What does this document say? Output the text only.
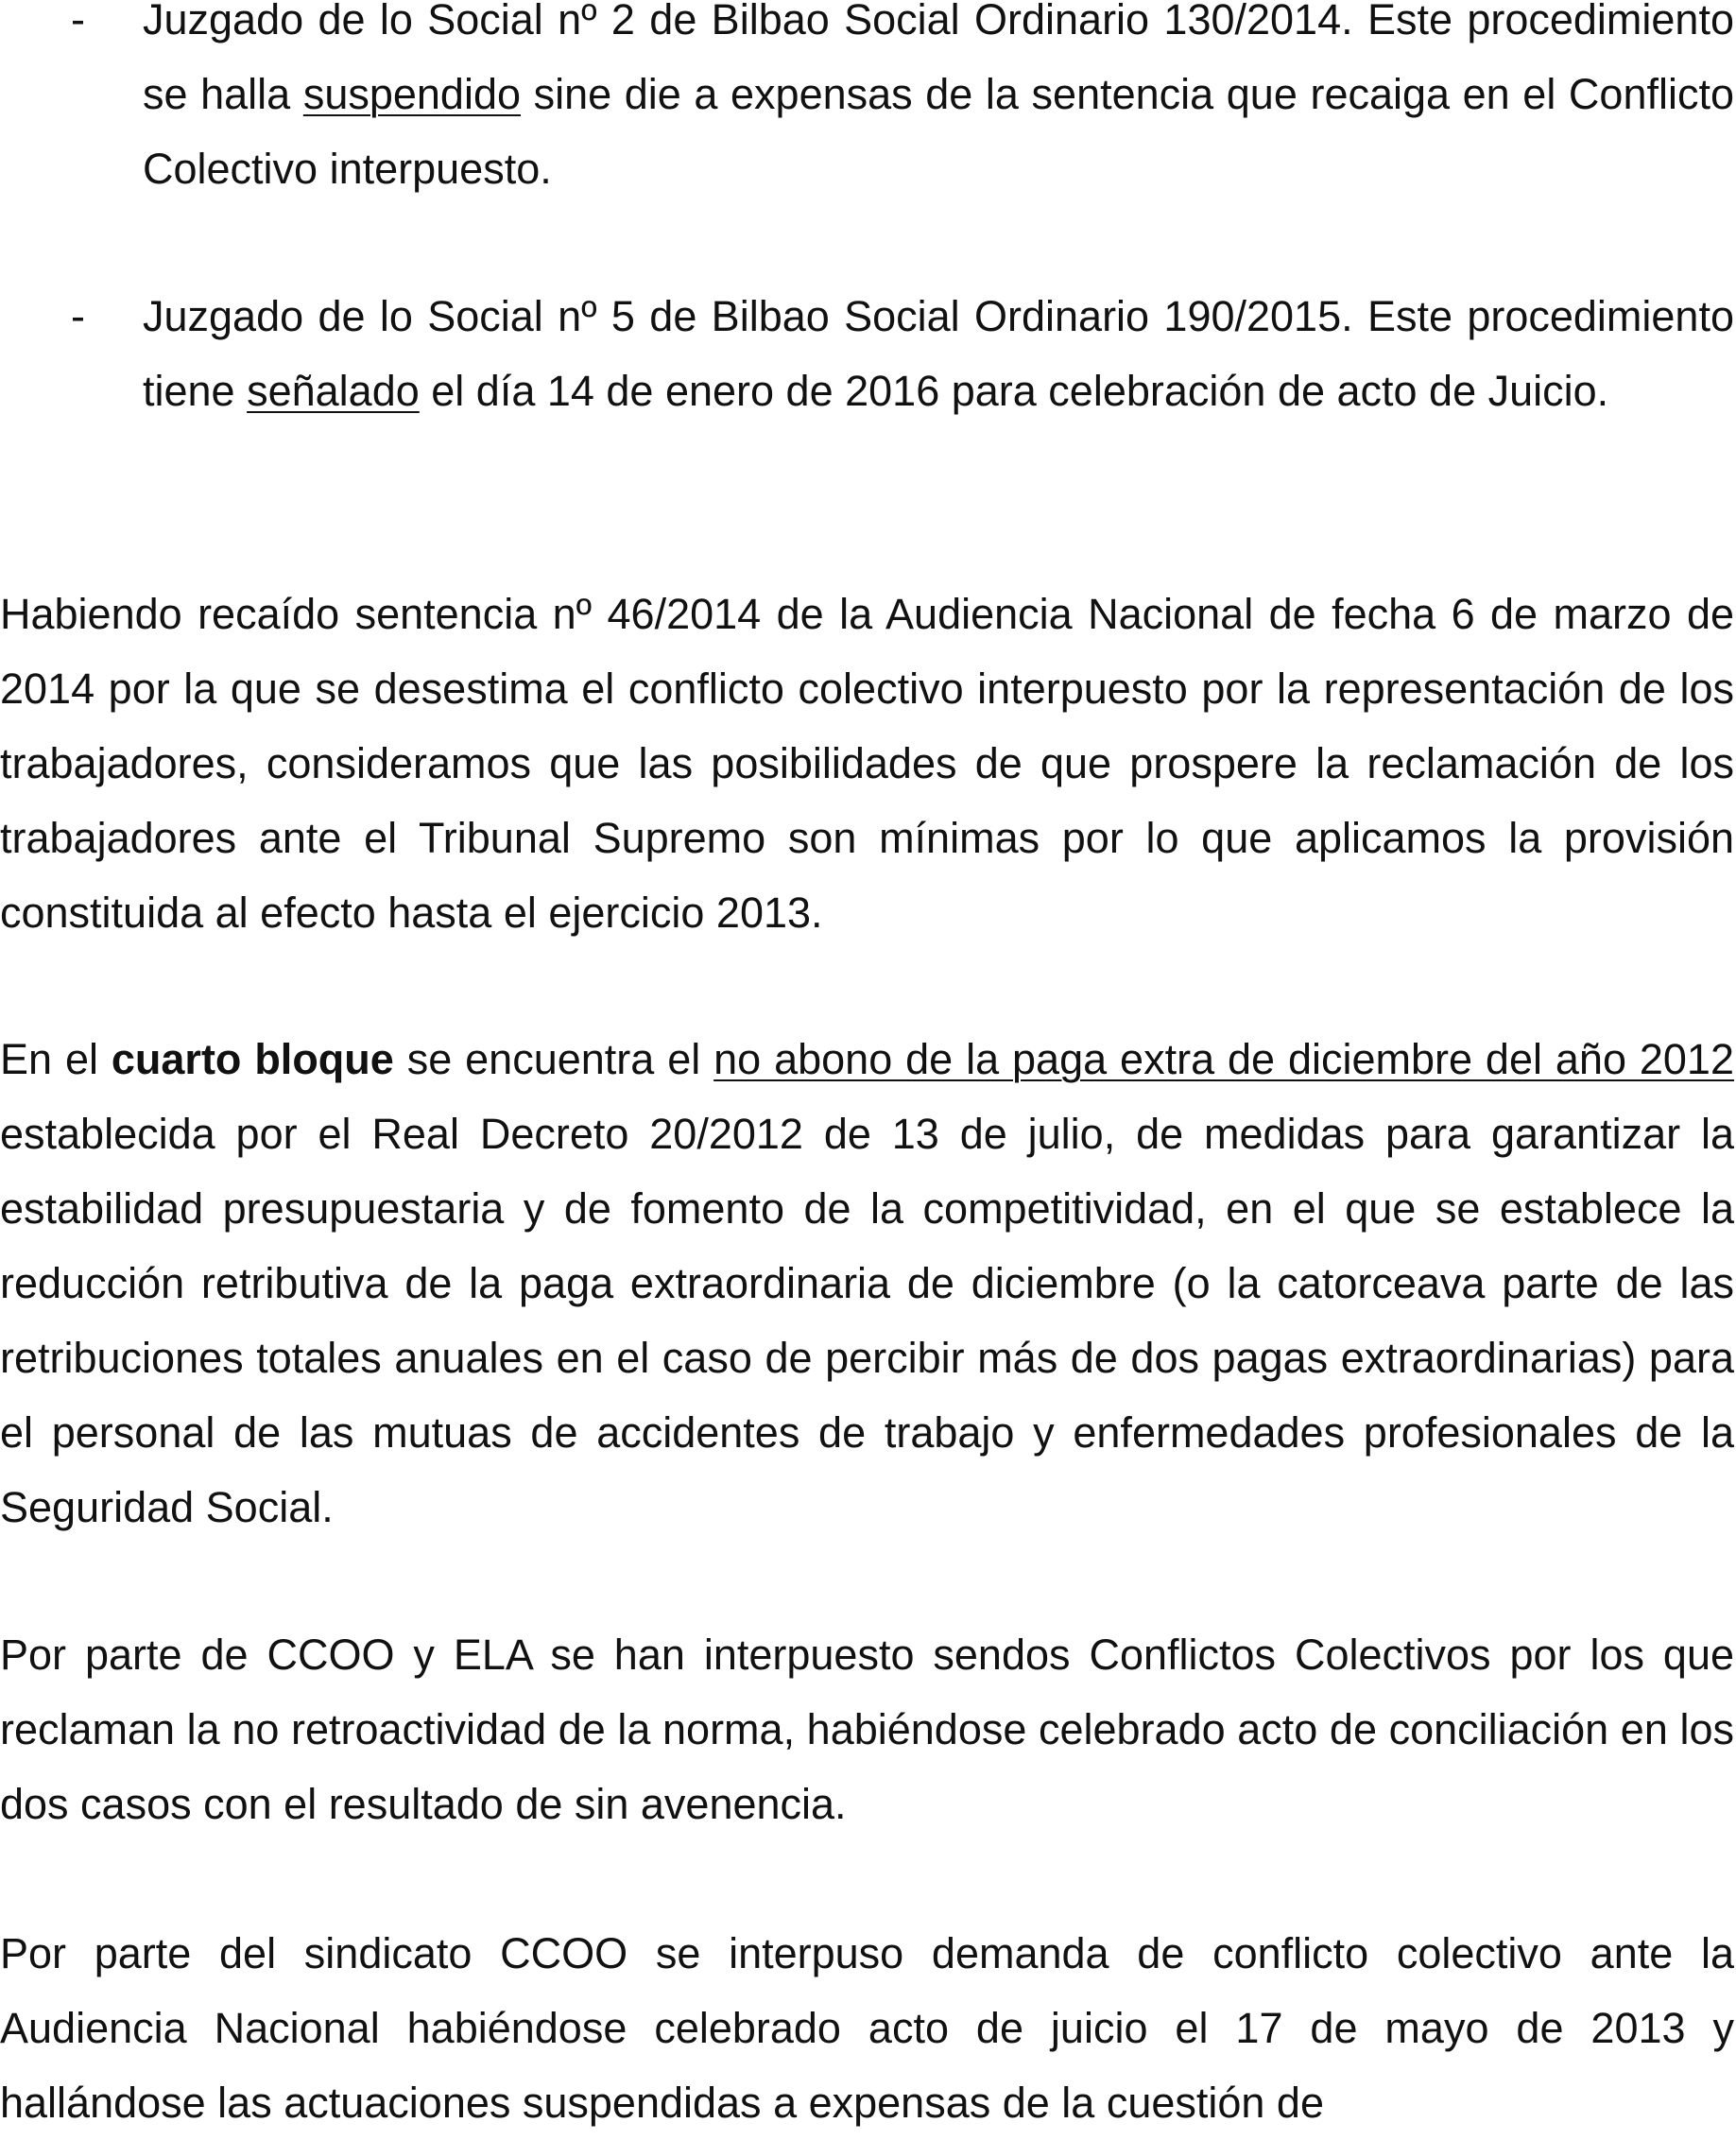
- Juzgado de lo Social nº 2 de Bilbao Social Ordinario 130/2014. Este procedimiento se halla suspendido sine die a expensas de la sentencia que recaiga en el Conflicto Colectivo interpuesto.
- Juzgado de lo Social nº 5 de Bilbao Social Ordinario 190/2015. Este procedimiento tiene señalado el día 14 de enero de 2016 para celebración de acto de Juicio.

Habiendo recaído sentencia nº 46/2014 de la Audiencia Nacional de fecha 6 de marzo de 2014 por la que se desestima el conflicto colectivo interpuesto por la representación de los trabajadores, consideramos que las posibilidades de que prospere la reclamación de los trabajadores ante el Tribunal Supremo son mínimas por lo que aplicamos la provisión constituida al efecto hasta el ejercicio 2013.

En el cuarto bloque se encuentra el no abono de la paga extra de diciembre del año 2012 establecida por el Real Decreto 20/2012 de 13 de julio, de medidas para garantizar la estabilidad presupuestaria y de fomento de la competitividad, en el que se establece la reducción retributiva de la paga extraordinaria de diciembre (o la catorceava parte de las retribuciones totales anuales en el caso de percibir más de dos pagas extraordinarias) para el personal de las mutuas de accidentes de trabajo y enfermedades profesionales de la Seguridad Social.

Por parte de CCOO y ELA se han interpuesto sendos Conflictos Colectivos por los que reclaman la no retroactividad de la norma, habiéndose celebrado acto de conciliación en los dos casos con el resultado de sin avenencia.

Por parte del sindicato CCOO se interpuso demanda de conflicto colectivo ante la Audiencia Nacional habiéndose celebrado acto de juicio el 17 de mayo de 2013 y hallándose las actuaciones suspendidas a expensas de la cuestión de
